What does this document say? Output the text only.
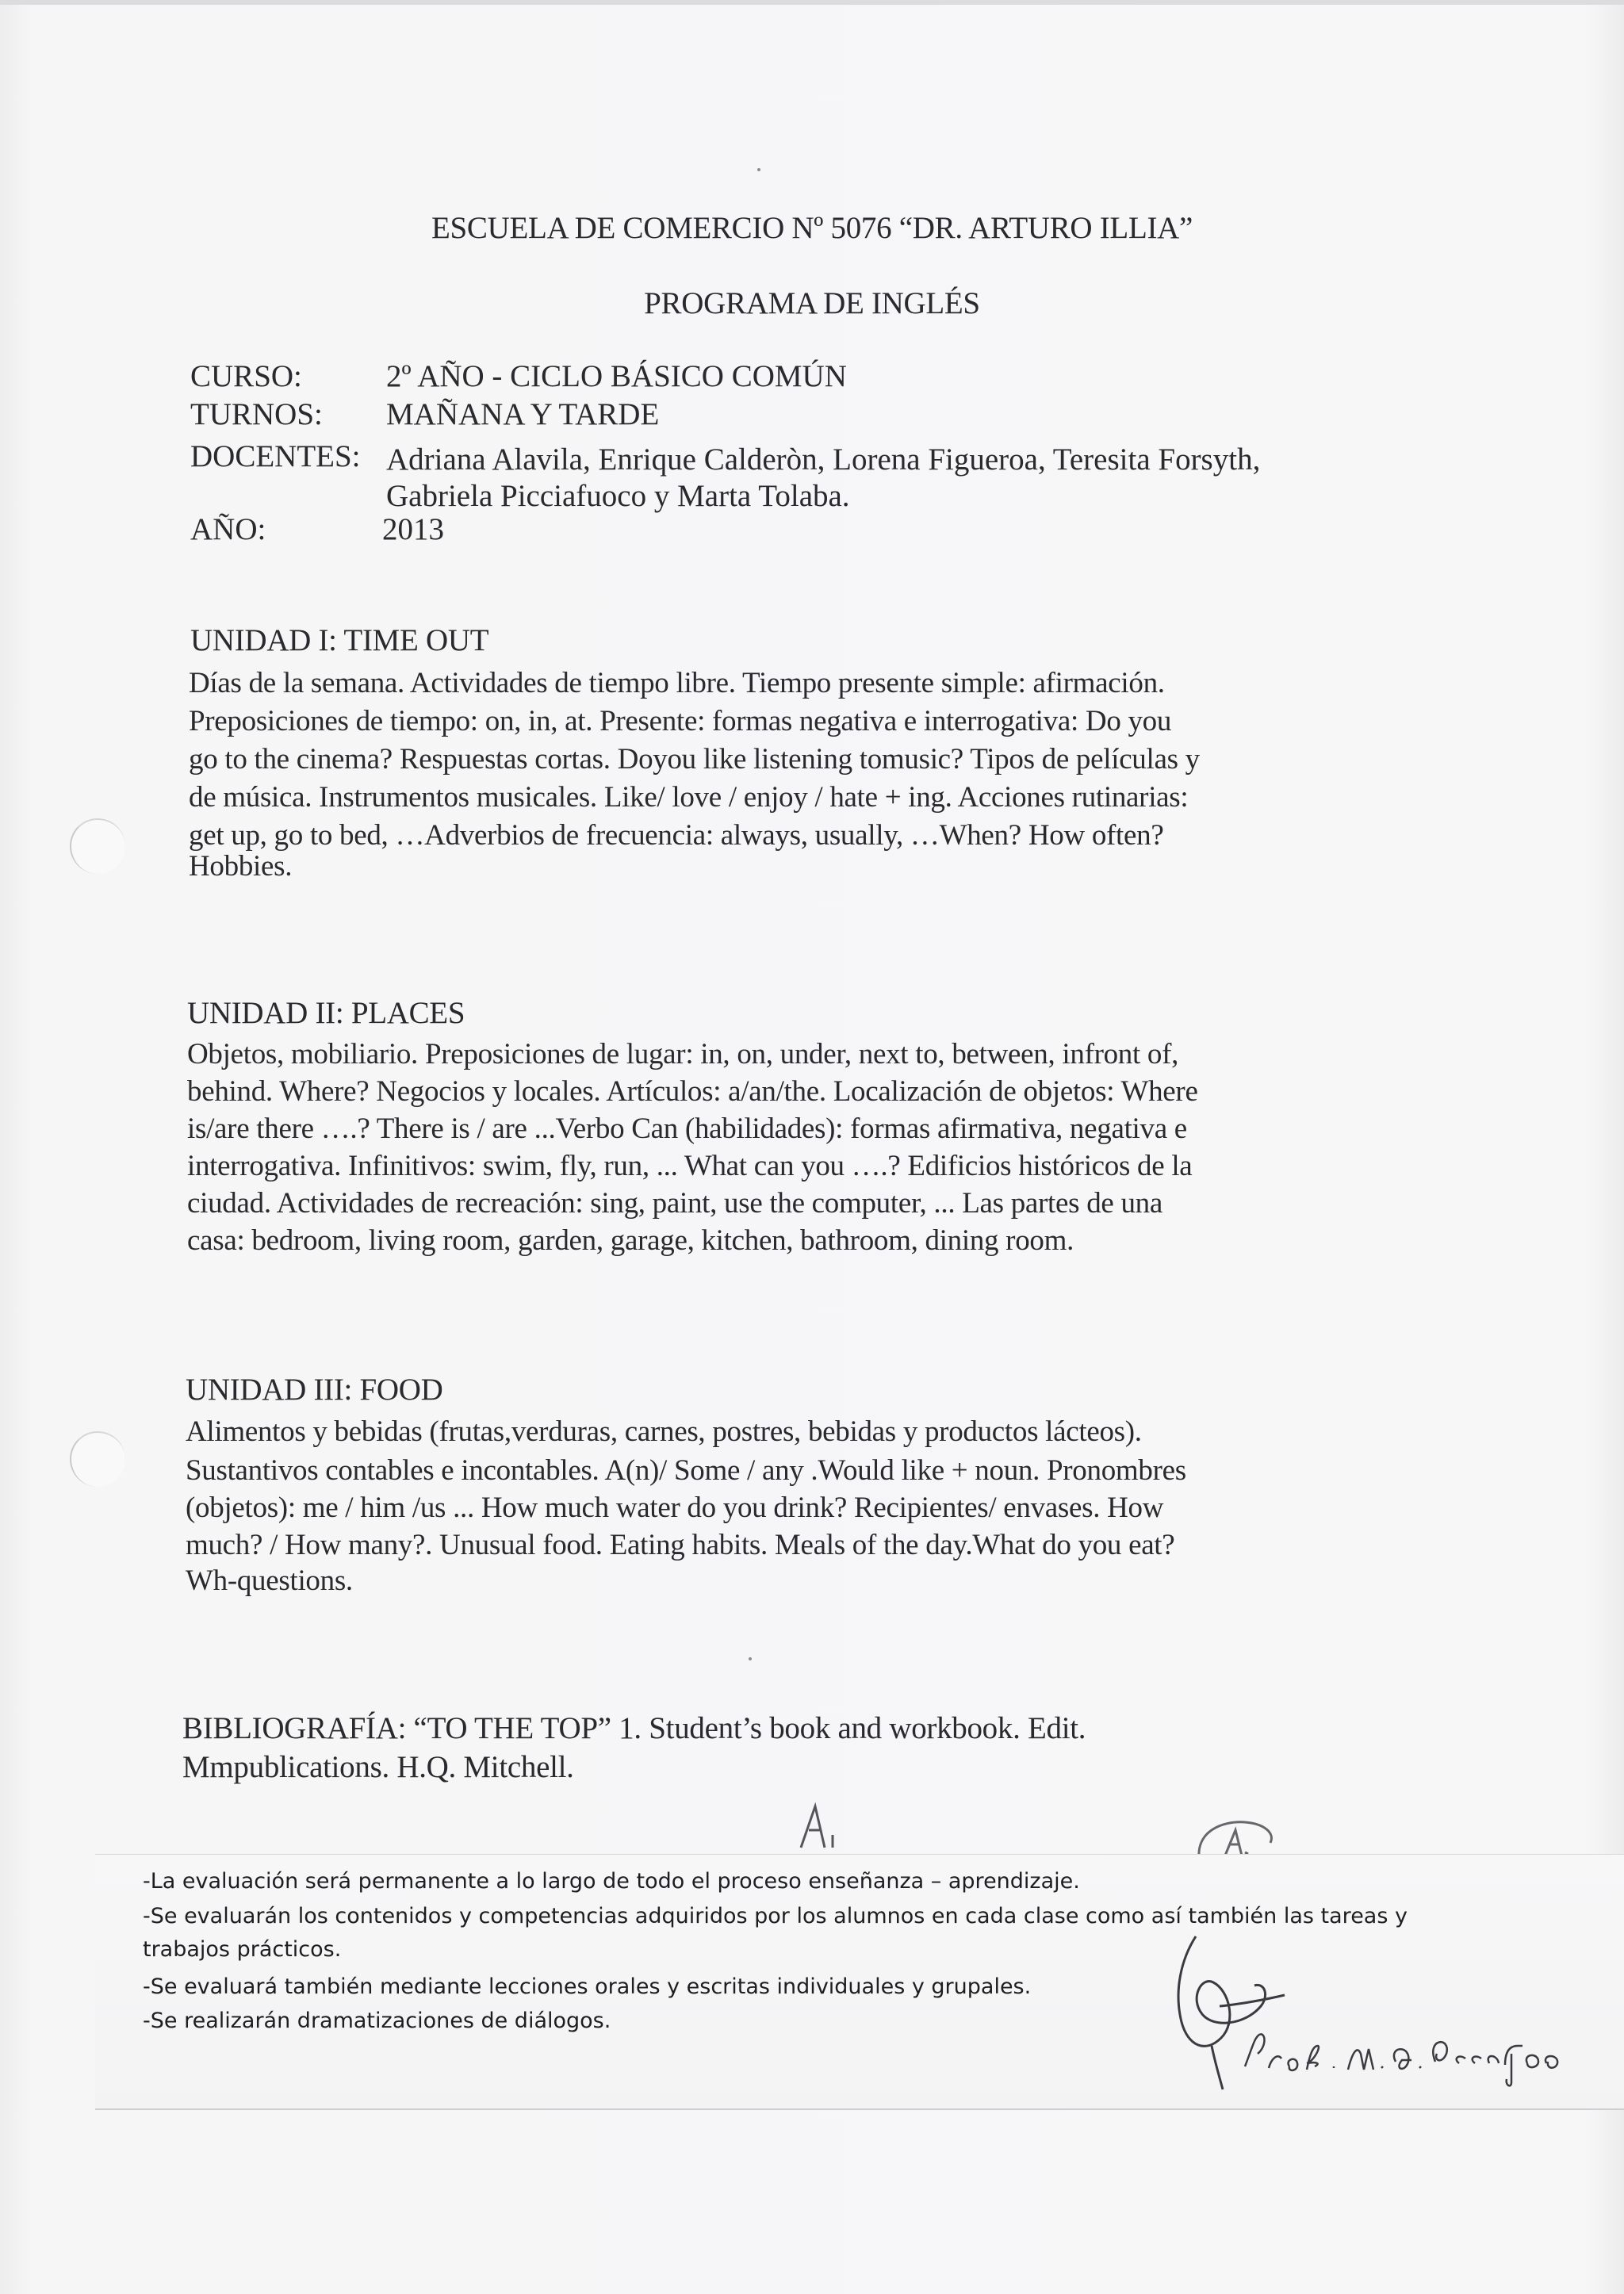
ESCUELA DE COMERCIO Nº 5076 “DR. ARTURO ILLIA”
PROGRAMA DE INGLÉS
CURSO:	2º AÑO - CICLO BÁSICO COMÚN
TURNOS: MAÑANA Y TARDE
DOCENTES: Adriana Alavila, Enrique Calderòn, Lorena Figueroa, Teresita Forsyth,
Gabriela Picciafuoco y Marta Tolaba.
AÑO:	2013
UNIDAD I: TIME OUT
Días de la semana. Actividades de tiempo libre. Tiempo presente simple: afirmación.
Preposiciones de tiempo: on, in, at. Presente: formas negativa e interrogativa: Do you
go to the cinema? Respuestas cortas. Doyou like listening tomusic? Tipos de películas y
de música. Instrumentos musicales. Like/ love / enjoy / hate + ing. Acciones rutinarias:
get up, go to bed, …Adverbios de frecuencia: always, usually, …When? How often?
Hobbies.
UNIDAD II: PLACES
Objetos, mobiliario. Preposiciones de lugar: in, on, under, next to, between, infront of,
behind. Where? Negocios y locales. Artículos: a/an/the. Localización de objetos: Where
is/are there ….? There is / are ...Verbo Can (habilidades): formas afirmativa, negativa e
interrogativa. Infinitivos: swim, fly, run, ... What can you ….? Edificios históricos de la
ciudad. Actividades de recreación: sing, paint, use the computer, ... Las partes de una
casa: bedroom, living room, garden, garage, kitchen, bathroom, dining room.
UNIDAD III: FOOD
Alimentos y bebidas (frutas,verduras, carnes, postres, bebidas y productos lácteos).
Sustantivos contables e incontables. A(n)/ Some / any .Would like + noun. Pronombres
(objetos): me / him /us ... How much water do you drink? Recipientes/ envases. How
much? / How many?. Unusual food. Eating habits. Meals of the day.What do you eat?
Wh-questions.
BIBLIOGRAFÍA: “TO THE TOP” 1. Student’s book and workbook. Edit.
Mmpublications. H.Q. Mitchell.
-La evaluación será permanente a lo largo de todo el proceso enseñanza – aprendizaje.
-Se evaluarán los contenidos y competencias adquiridos por los alumnos en cada clase como así también las tareas y
trabajos prácticos.
-Se evaluará también mediante lecciones orales y escritas individuales y grupales.
-Se realizarán dramatizaciones de diálogos.
